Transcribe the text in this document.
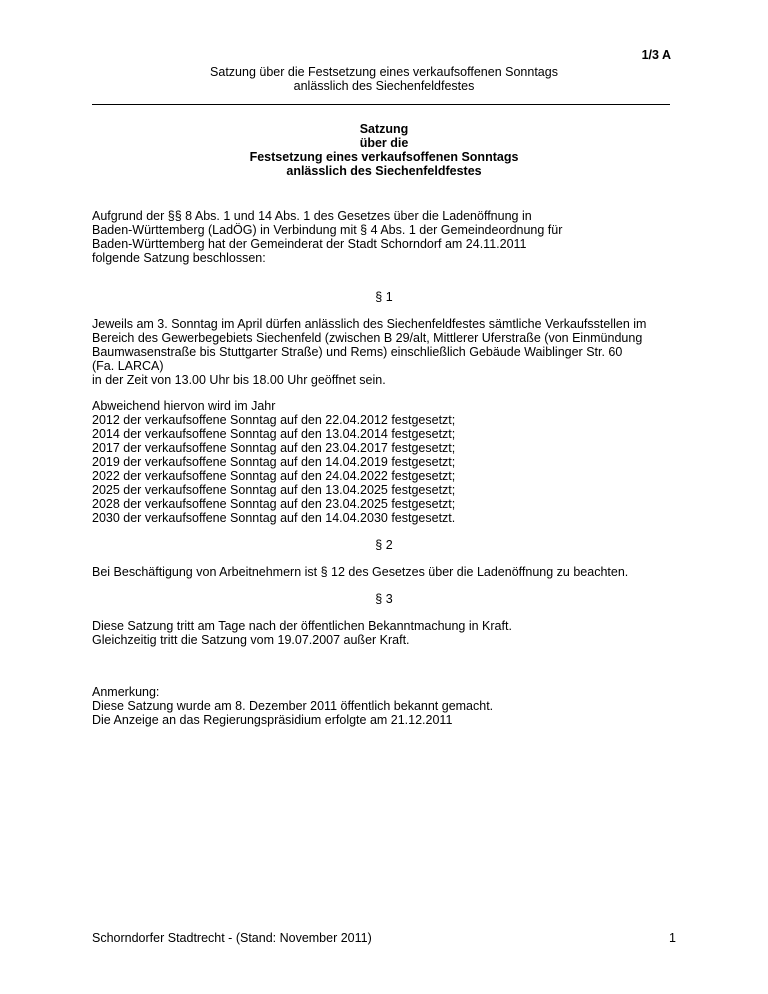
1/3 A
Satzung über die Festsetzung eines verkaufsoffenen Sonntags
anlässlich des Siechenfeldfestes
Satzung
über die
Festsetzung eines verkaufsoffenen Sonntags
anlässlich des Siechenfeldfestes
Aufgrund der §§ 8 Abs. 1 und 14 Abs. 1 des Gesetzes über die Ladenöffnung in
Baden-Württemberg (LadÖG) in Verbindung mit § 4 Abs. 1 der Gemeindeordnung für
Baden-Württemberg hat der Gemeinderat der Stadt Schorndorf am 24.11.2011
folgende Satzung beschlossen:
§ 1
Jeweils am 3. Sonntag im April dürfen anlässlich des Siechenfeldfestes sämtliche Verkaufsstellen im
Bereich des Gewerbegebiets Siechenfeld (zwischen B 29/alt, Mittlerer Uferstraße (von Einmündung
Baumwasenstraße bis Stuttgarter Straße) und Rems) einschließlich Gebäude Waiblinger Str. 60
(Fa. LARCA)
in der Zeit von 13.00 Uhr bis 18.00 Uhr geöffnet sein.
Abweichend hiervon wird im Jahr
2012 der verkaufsoffene Sonntag auf den 22.04.2012 festgesetzt;
2014 der verkaufsoffene Sonntag auf den 13.04.2014 festgesetzt;
2017 der verkaufsoffene Sonntag auf den 23.04.2017 festgesetzt;
2019 der verkaufsoffene Sonntag auf den 14.04.2019 festgesetzt;
2022 der verkaufsoffene Sonntag auf den 24.04.2022 festgesetzt;
2025 der verkaufsoffene Sonntag auf den 13.04.2025 festgesetzt;
2028 der verkaufsoffene Sonntag auf den 23.04.2025 festgesetzt;
2030 der verkaufsoffene Sonntag auf den 14.04.2030 festgesetzt.
§ 2
Bei Beschäftigung von Arbeitnehmern ist § 12 des Gesetzes über die Ladenöffnung zu beachten.
§ 3
Diese Satzung tritt am Tage nach der öffentlichen Bekanntmachung in Kraft.
Gleichzeitig tritt die Satzung vom 19.07.2007 außer Kraft.
Anmerkung:
Diese Satzung wurde am 8. Dezember 2011 öffentlich bekannt gemacht.
Die Anzeige an das Regierungspräsidium erfolgte am 21.12.2011
Schorndorfer Stadtrecht - (Stand: November 2011)	1
